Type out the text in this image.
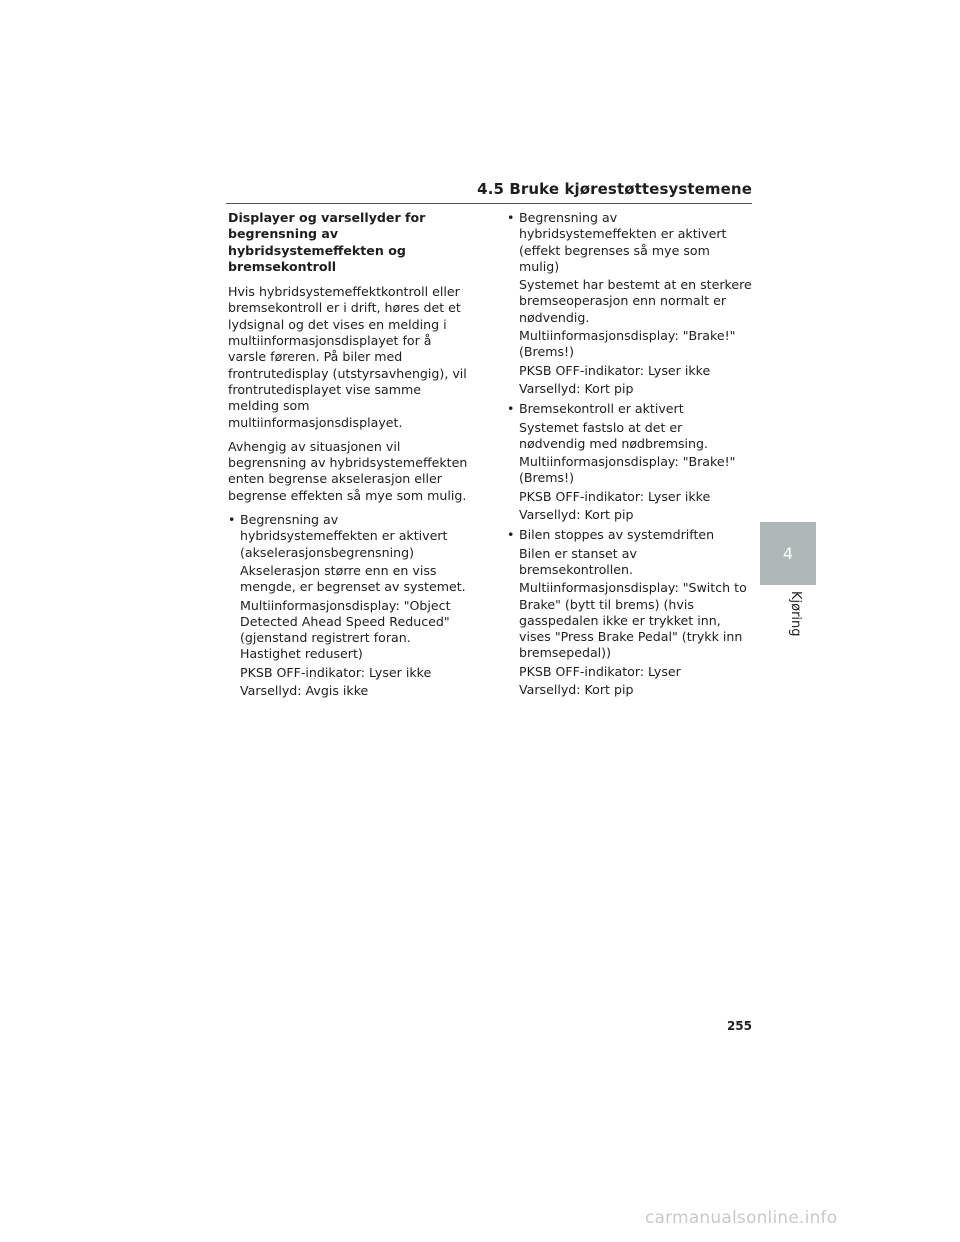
4.5 Bruke kjørestøttesystemene
Displayer og varsellyder for begrensning av hybridsystemeffekten og bremsekontroll
Hvis hybridsystemeffektkontroll eller bremsekontroll er i drift, høres det et lydsignal og det vises en melding i multiinformasjonsdisplayet for å varsle føreren. På biler med frontrutedisplay (utstyrsavhengig), vil frontrutedisplayet vise samme melding som multiinformasjonsdisplayet.
Avhengig av situasjonen vil begrensning av hybridsystemeffekten enten begrense akselerasjon eller begrense effekten så mye som mulig.
• Begrensning av hybridsystemeffekten er aktivert (akselerasjonsbegrensning)
Akselerasjon større enn en viss mengde, er begrenset av systemet.
Multiinformasjonsdisplay: "Object Detected Ahead Speed Reduced" (gjenstand registrert foran. Hastighet redusert)
PKSB OFF-indikator: Lyser ikke
Varsellyd: Avgis ikke
• Begrensning av hybridsystemeffekten er aktivert (effekt begrenses så mye som mulig)
Systemet har bestemt at en sterkere bremseoperasjon enn normalt er nødvendig.
Multiinformasjonsdisplay: "Brake!" (Brems!)
PKSB OFF-indikator: Lyser ikke
Varsellyd: Kort pip
• Bremsekontroll er aktivert
Systemet fastslo at det er nødvendig med nødbremsing.
Multiinformasjonsdisplay: "Brake!" (Brems!)
PKSB OFF-indikator: Lyser ikke
Varsellyd: Kort pip
• Bilen stoppes av systemdriften
Bilen er stanset av bremsekontrollen.
Multiinformasjonsdisplay: "Switch to Brake" (bytt til brems) (hvis gasspedalen ikke er trykket inn, vises "Press Brake Pedal" (trykk inn bremsepedal))
PKSB OFF-indikator: Lyser
Varsellyd: Kort pip
4
Kjøring
255
carmanualsonline.info
